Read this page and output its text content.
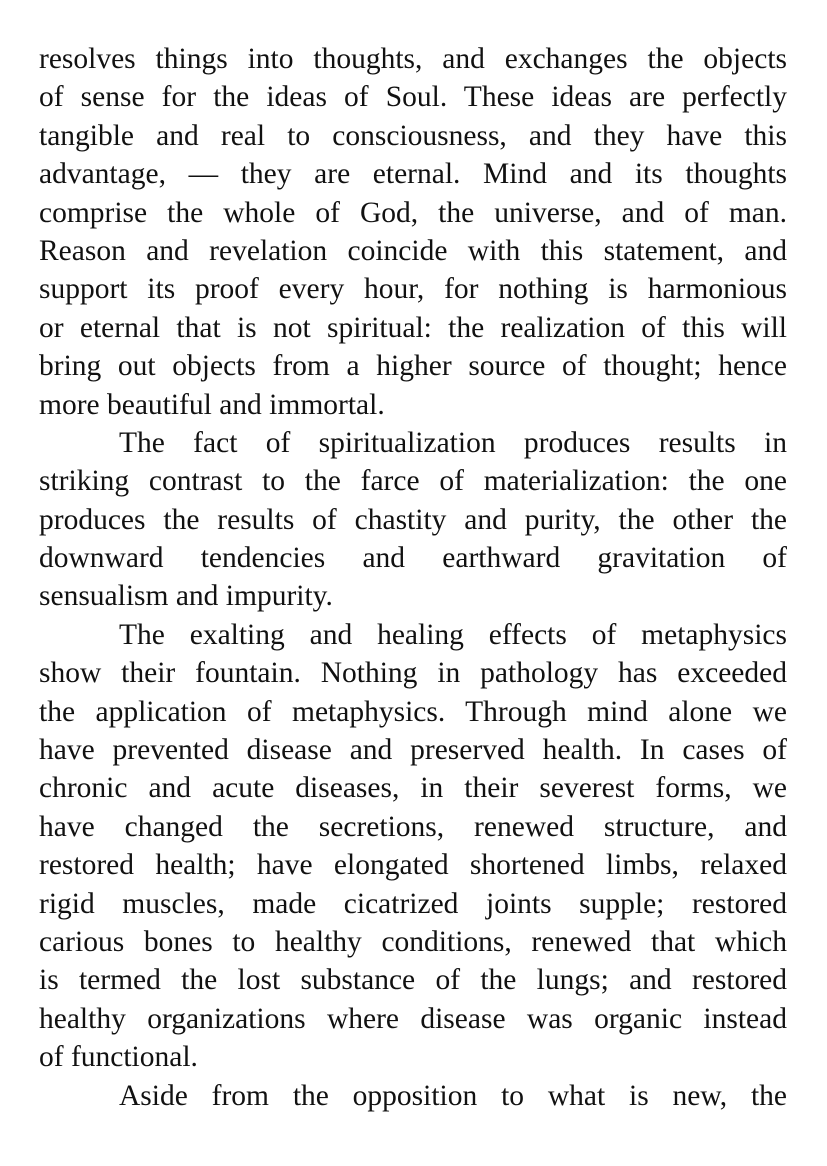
resolves things into thoughts, and exchanges the objects
of sense for the ideas of Soul. These ideas are perfectly
tangible and real to consciousness, and they have this
advantage, — they are eternal. Mind and its thoughts
comprise the whole of God, the universe, and of man.
Reason and revelation coincide with this statement, and
support its proof every hour, for nothing is harmonious
or eternal that is not spiritual: the realization of this will
bring out objects from a higher source of thought; hence
more beautiful and immortal.
The fact of spiritualization produces results in
striking contrast to the farce of materialization: the one
produces the results of chastity and purity, the other the
downward tendencies and earthward gravitation of
sensualism and impurity.
The exalting and healing effects of metaphysics
show their fountain. Nothing in pathology has exceeded
the application of metaphysics. Through mind alone we
have prevented disease and preserved health. In cases of
chronic and acute diseases, in their severest forms, we
have changed the secretions, renewed structure, and
restored health; have elongated shortened limbs, relaxed
rigid muscles, made cicatrized joints supple; restored
carious bones to healthy conditions, renewed that which
is termed the lost substance of the lungs; and restored
healthy organizations where disease was organic instead
of functional.
Aside from the opposition to what is new, the
